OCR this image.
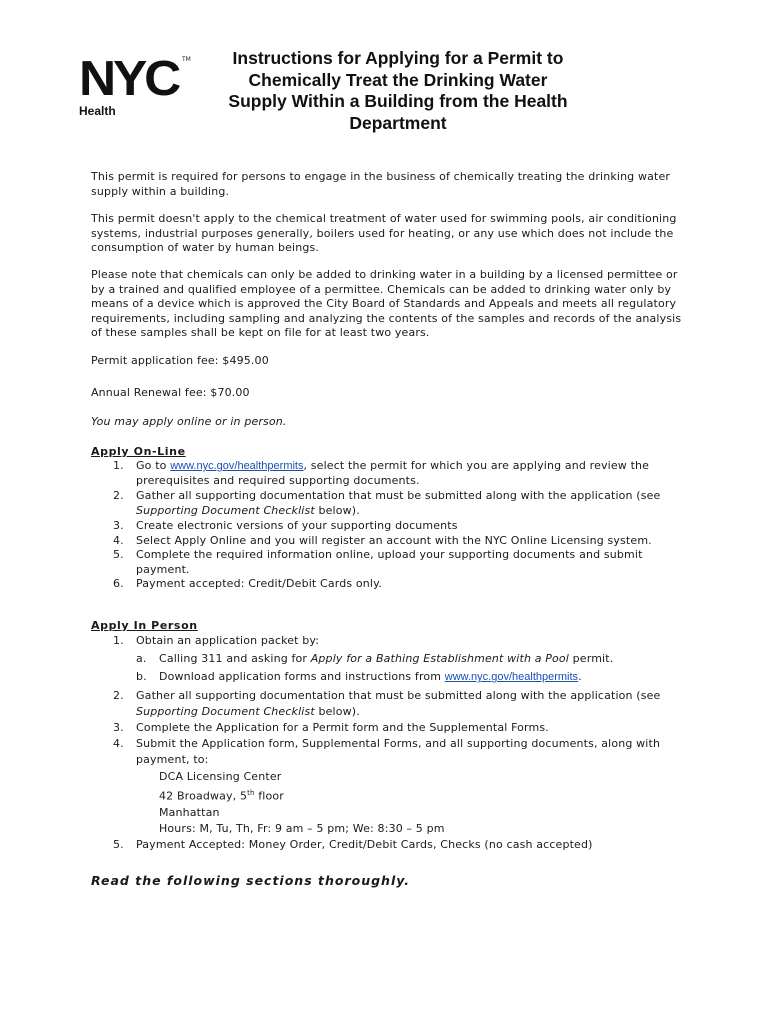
NYC TM
Health
Instructions for Applying for a Permit to Chemically Treat the Drinking Water Supply Within a Building from the Health Department

This permit is required for persons to engage in the business of chemically treating the drinking water supply within a building.

This permit doesn't apply to the chemical treatment of water used for swimming pools, air conditioning systems, industrial purposes generally, boilers used for heating, or any use which does not include the consumption of water by human beings.

Please note that chemicals can only be added to drinking water in a building by a licensed permittee or by a trained and qualified employee of a permittee. Chemicals can be added to drinking water only by means of a device which is approved the City Board of Standards and Appeals and meets all regulatory requirements, including sampling and analyzing the contents of the samples and records of the analysis of these samples shall be kept on file for at least two years.

Permit application fee: $495.00

Annual Renewal fee: $70.00

You may apply online or in person.

Apply On-Line

1. Go to www.nyc.gov/healthpermits, select the permit for which you are applying and review the prerequisites and required supporting documents.
2. Gather all supporting documentation that must be submitted along with the application (see Supporting Document Checklist below).
3. Create electronic versions of your supporting documents
4. Select Apply Online and you will register an account with the NYC Online Licensing system.
5. Complete the required information online, upload your supporting documents and submit payment.
6. Payment accepted: Credit/Debit Cards only.

Apply In Person

1. Obtain an application packet by:
a. Calling 311 and asking for Apply for a Bathing Establishment with a Pool permit.
b. Download application forms and instructions from www.nyc.gov/healthpermits.
2. Gather all supporting documentation that must be submitted along with the application (see Supporting Document Checklist below).
3. Complete the Application for a Permit form and the Supplemental Forms.
4. Submit the Application form, Supplemental Forms, and all supporting documents, along with payment, to:
DCA Licensing Center
42 Broadway, 5th floor
Manhattan
Hours: M, Tu, Th, Fr: 9 am – 5 pm; We: 8:30 – 5 pm
5. Payment Accepted: Money Order, Credit/Debit Cards, Checks (no cash accepted)

Read the following sections thoroughly.
